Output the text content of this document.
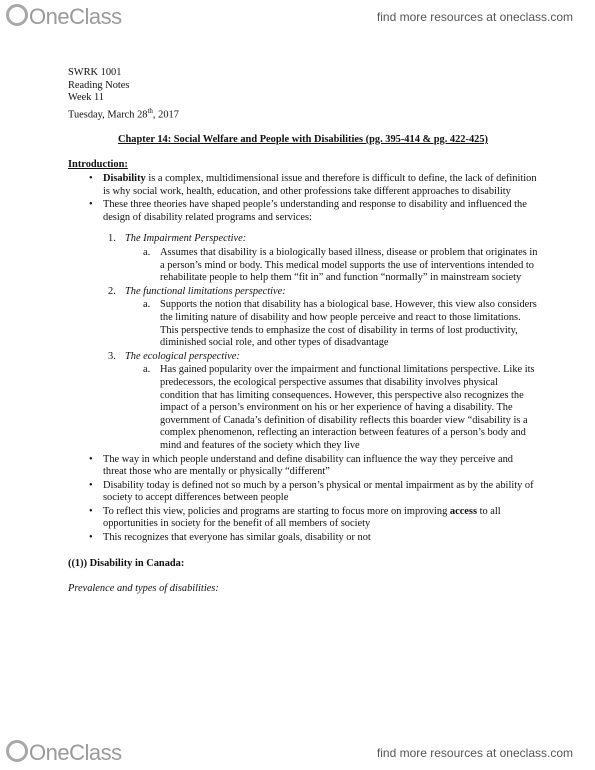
OneClass	find more resources at oneclass.com
SWRK 1001
Reading Notes
Week 11
Tuesday, March 28th, 2017
Chapter 14: Social Welfare and People with Disabilities (pg. 395-414 & pg. 422-425)
Introduction:
• Disability is a complex, multidimensional issue and therefore is difficult to define, the lack of definition is why social work, health, education, and other professions take different approaches to disability
• These three theories have shaped people’s understanding and response to disability and influenced the design of disability related programs and services:
1. The Impairment Perspective:
a. Assumes that disability is a biologically based illness, disease or problem that originates in a person’s mind or body. This medical model supports the use of interventions intended to rehabilitate people to help them “fit in” and function “normally” in mainstream society
2. The functional limitations perspective:
a. Supports the notion that disability has a biological base. However, this view also considers the limiting nature of disability and how people perceive and react to those limitations. This perspective tends to emphasize the cost of disability in terms of lost productivity, diminished social role, and other types of disadvantage
3. The ecological perspective:
a. Has gained popularity over the impairment and functional limitations perspective. Like its predecessors, the ecological perspective assumes that disability involves physical condition that has limiting consequences. However, this perspective also recognizes the impact of a person’s environment on his or her experience of having a disability. The government of Canada’s definition of disability reflects this boarder view “disability is a complex phenomenon, reflecting an interaction between features of a person’s body and mind and features of the society which they live
• The way in which people understand and define disability can influence the way they perceive and threat those who are mentally or physically “different”
• Disability today is defined not so much by a person’s physical or mental impairment as by the ability of society to accept differences between people
• To reflect this view, policies and programs are starting to focus more on improving access to all opportunities in society for the benefit of all members of society
• This recognizes that everyone has similar goals, disability or not
((1)) Disability in Canada:
Prevalence and types of disabilities:
OneClass	find more resources at oneclass.com
